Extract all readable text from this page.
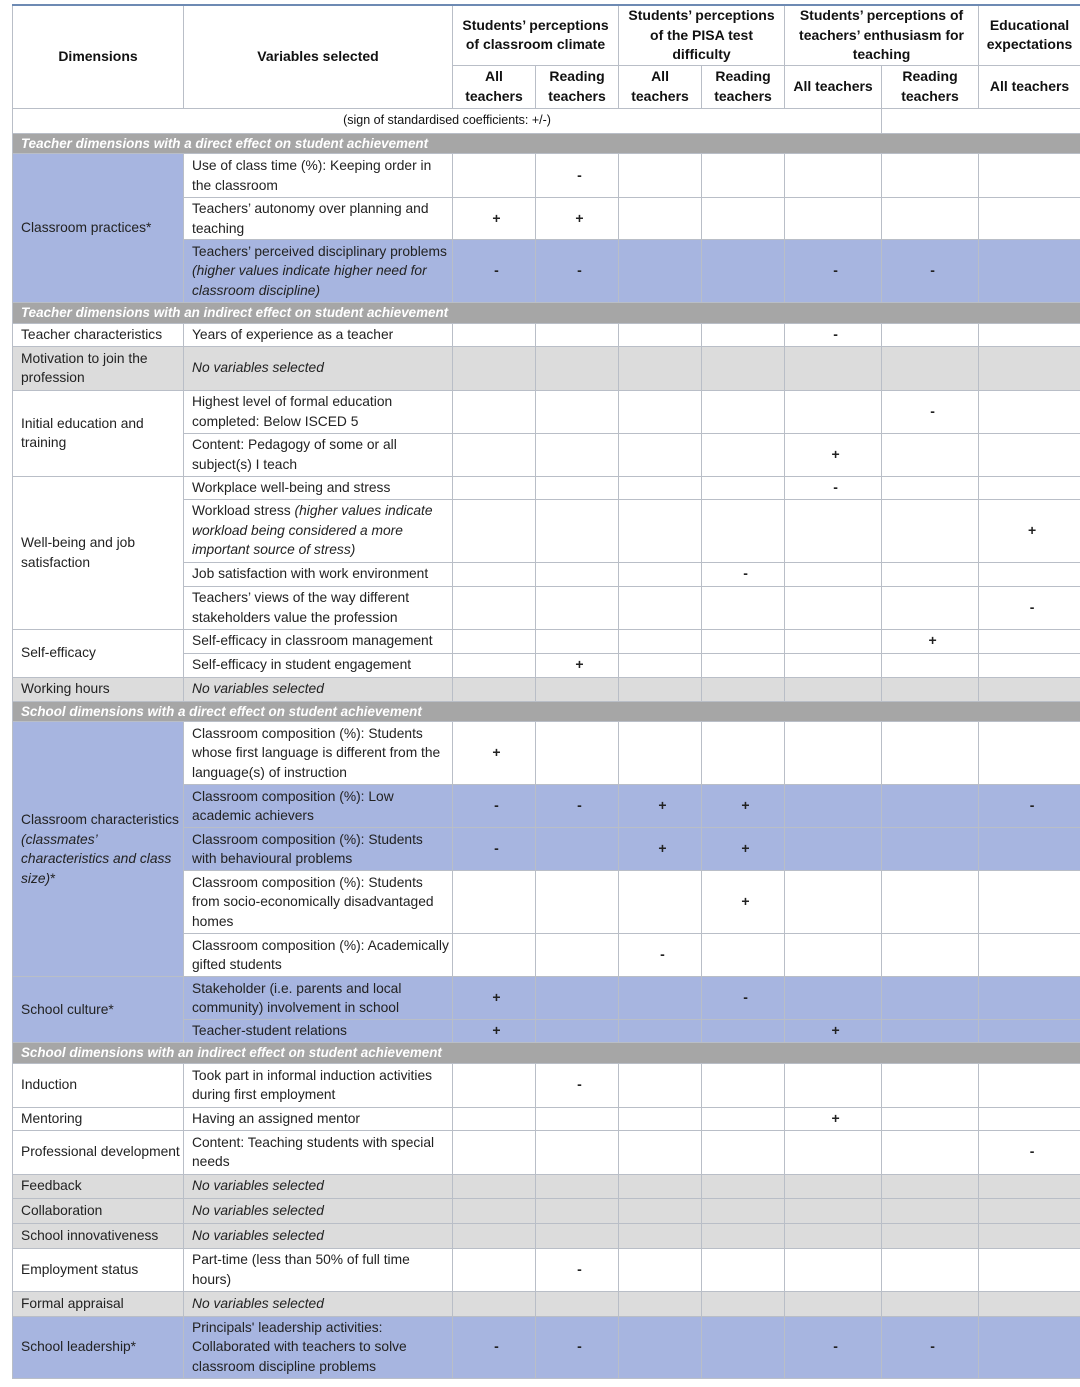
Dimensions	Variables selected	Students’ perceptions of classroom climate		Students’ perceptions of the PISA test difficulty		Students’ perceptions of teachers’ enthusiasm for teaching		Educational expectations
		All teachers	Reading teachers	All teachers	Reading teachers	All teachers	Reading teachers	All teachers
(sign of standardised coefficients: +/-)								
Teacher dimensions with a direct effect on student achievement								
Classroom practices*	Use of class time (%): Keeping order in the classroom		-					
	Teachers’ autonomy over planning and teaching	+	+					
	Teachers’ perceived disciplinary problems (higher values indicate higher need for classroom discipline)	-	-			-	-	
Teacher dimensions with an indirect effect on student achievement								
Teacher characteristics	Years of experience as a teacher					-		
Motivation to join the profession	No variables selected							
Initial education and training	Highest level of formal education completed: Below ISCED 5						-	
	Content: Pedagogy of some or all subject(s) I teach					+		
Well-being and job satisfaction	Workplace well-being and stress					-		
	Workload stress (higher values indicate workload being considered a more important source of stress)							+
	Job satisfaction with work environment				-			
	Teachers’ views of the way different stakeholders value the profession							-
Self-efficacy	Self-efficacy in classroom management						+	
	Self-efficacy in student engagement		+					
Working hours	No variables selected							
School dimensions with a direct effect on student achievement								
Classroom characteristics (classmates’ characteristics and class size)*	Classroom composition (%): Students whose first language is different from the language(s) of instruction	+						
	Classroom composition (%): Low academic achievers	-	-	+	+			-
	Classroom composition (%): Students with behavioural problems	-		+	+			
	Classroom composition (%): Students from socio-economically disadvantaged homes				+			
	Classroom composition (%): Academically gifted students			-				
School culture*	Stakeholder (i.e. parents and local community) involvement in school	+			-			
	Teacher-student relations	+				+		
School dimensions with an indirect effect on student achievement								
Induction	Took part in informal induction activities during first employment		-					
Mentoring	Having an assigned mentor					+		
Professional development	Content: Teaching students with special needs							-
Feedback	No variables selected							
Collaboration	No variables selected							
School innovativeness	No variables selected							
Employment status	Part-time (less than 50% of full time hours)		-					
Formal appraisal	No variables selected							
School leadership*	Principals' leadership activities: Collaborated with teachers to solve classroom discipline problems	-	-			-	-	
